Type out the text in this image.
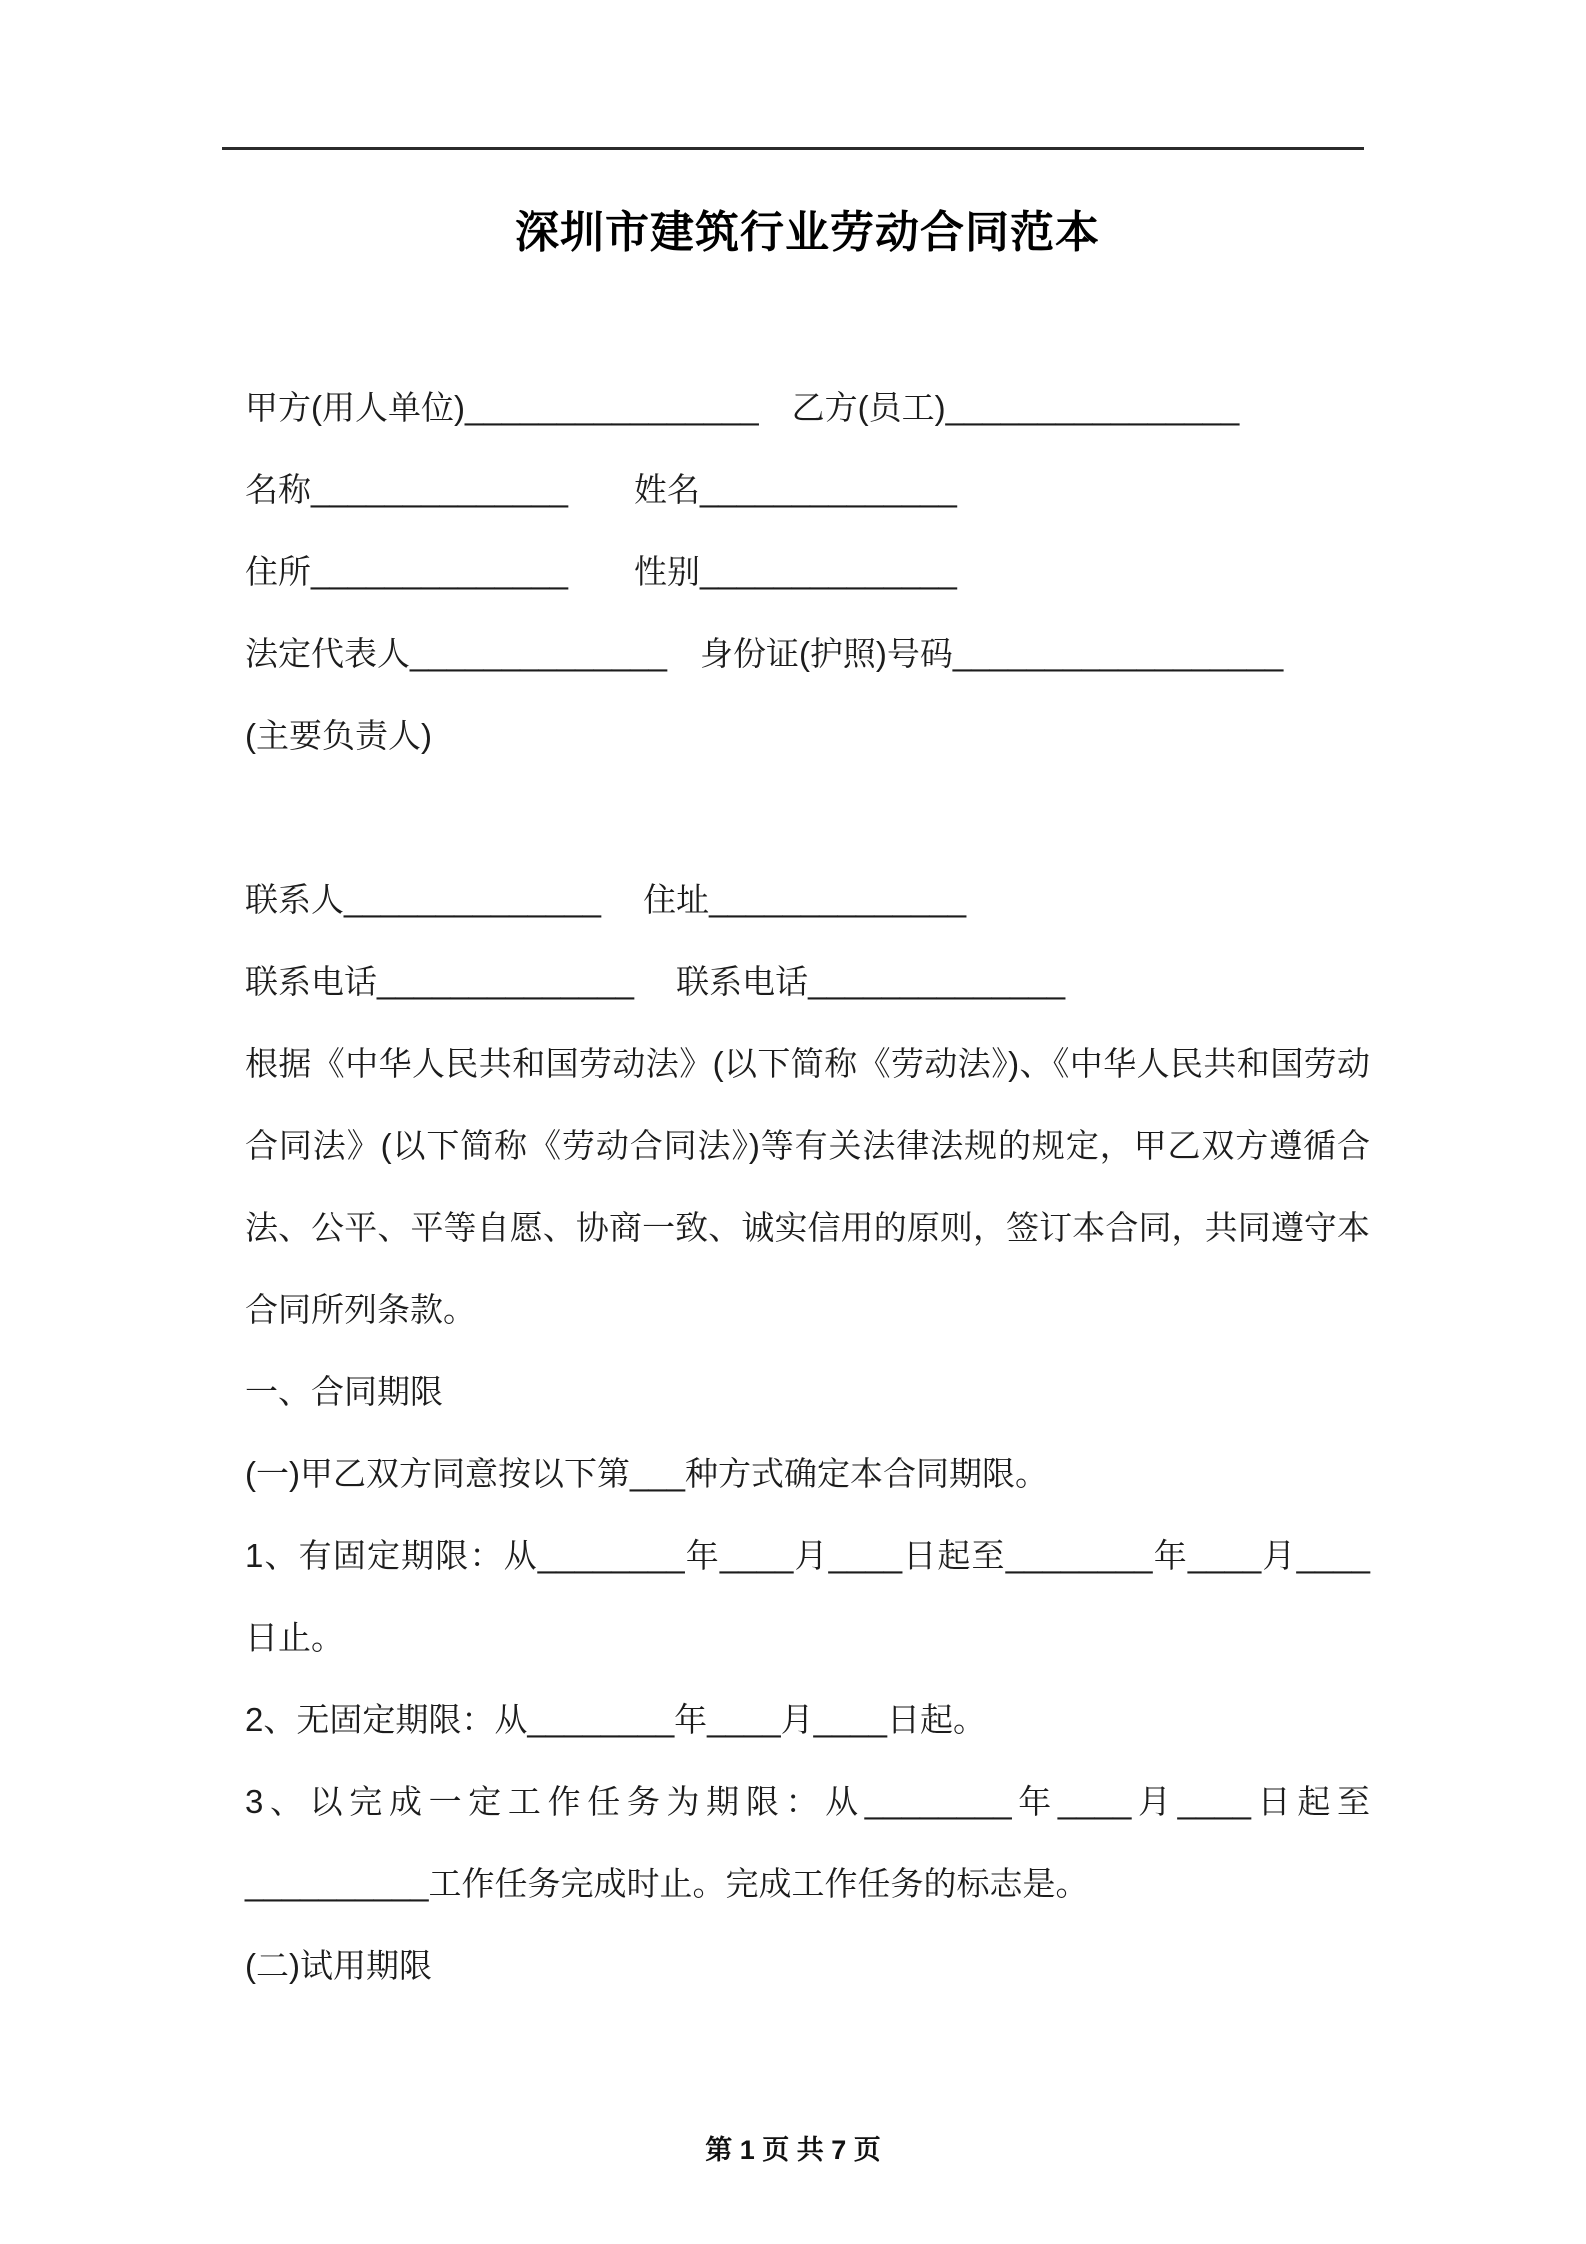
深圳市建筑行业劳动合同范本

甲方(用人单位)________________　乙方(员工)________________

名称______________　　姓名______________

住所______________　　性别______________

法定代表人______________　身份证(护照)号码__________________

(主要负责人)

联系人______________　 住址______________

联系电话______________　 联系电话______________

根据《中华人民共和国劳动法》(以下简称《劳动法》)、《中华人民共和国劳动合同法》(以下简称《劳动合同法》)等有关法律法规的规定，甲乙双方遵循合法、公平、平等自愿、协商一致、诚实信用的原则，签订本合同，共同遵守本合同所列条款。

一、合同期限

(一)甲乙双方同意按以下第___种方式确定本合同期限。

1、有固定期限：从________年____月____日起至________年____月____日止。

2、无固定期限：从________年____月____日起。

3、以完成一定工作任务为期限：从________年____月____日起至__________工作任务完成时止。完成工作任务的标志是。

(二)试用期限

第 1 页 共 7 页
